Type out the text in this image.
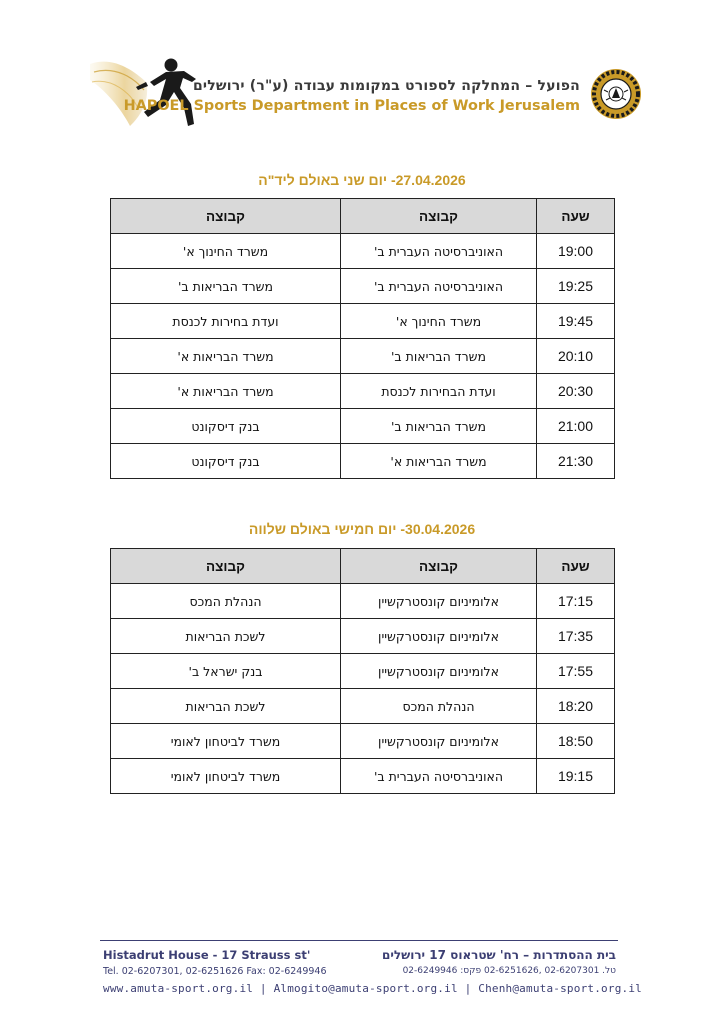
הפועל – המחלקה לספורט במקומות עבודה (ע"ר) ירושלים
HAPOEL Sports Department in Places of Work Jerusalem
27.04.2026- יום שני באולם ליד"ה
שעה	קבוצה	קבוצה
19:00	האוניברסיטה העברית ב'	משרד החינוך א'
19:25	האוניברסיטה העברית ב'	משרד הבריאות ב'
19:45	משרד החינוך א'	ועדת בחירות לכנסת
20:10	משרד הבריאות ב'	משרד הבריאות א'
20:30	ועדת הבחירות לכנסת	משרד הבריאות א'
21:00	משרד הבריאות ב'	בנק דיסקונט
21:30	משרד הבריאות א'	בנק דיסקונט
30.04.2026- יום חמישי באולם שלווה
שעה	קבוצה	קבוצה
17:15	אלומיניום קונסטרקשיין	הנהלת המכס
17:35	אלומיניום קונסטרקשיין	לשכת הבריאות
17:55	אלומיניום קונסטרקשיין	בנק ישראל ב'
18:20	הנהלת המכס	לשכת הבריאות
18:50	אלומיניום קונסטרקשיין	משרד לביטחון לאומי
19:15	האוניברסיטה העברית ב'	משרד לביטחון לאומי
Histadrut House - 17 Strauss st'
Tel. 02-6207301, 02-6251626 Fax: 02-6249946
בית ההסתדרות – רח' שטראוס 17 ירושלים
טל. 02-6207301 ,02-6251626 פקס: 02-6249946
www.amuta-sport.org.il | Almogito@amuta-sport.org.il | Chenh@amuta-sport.org.il
